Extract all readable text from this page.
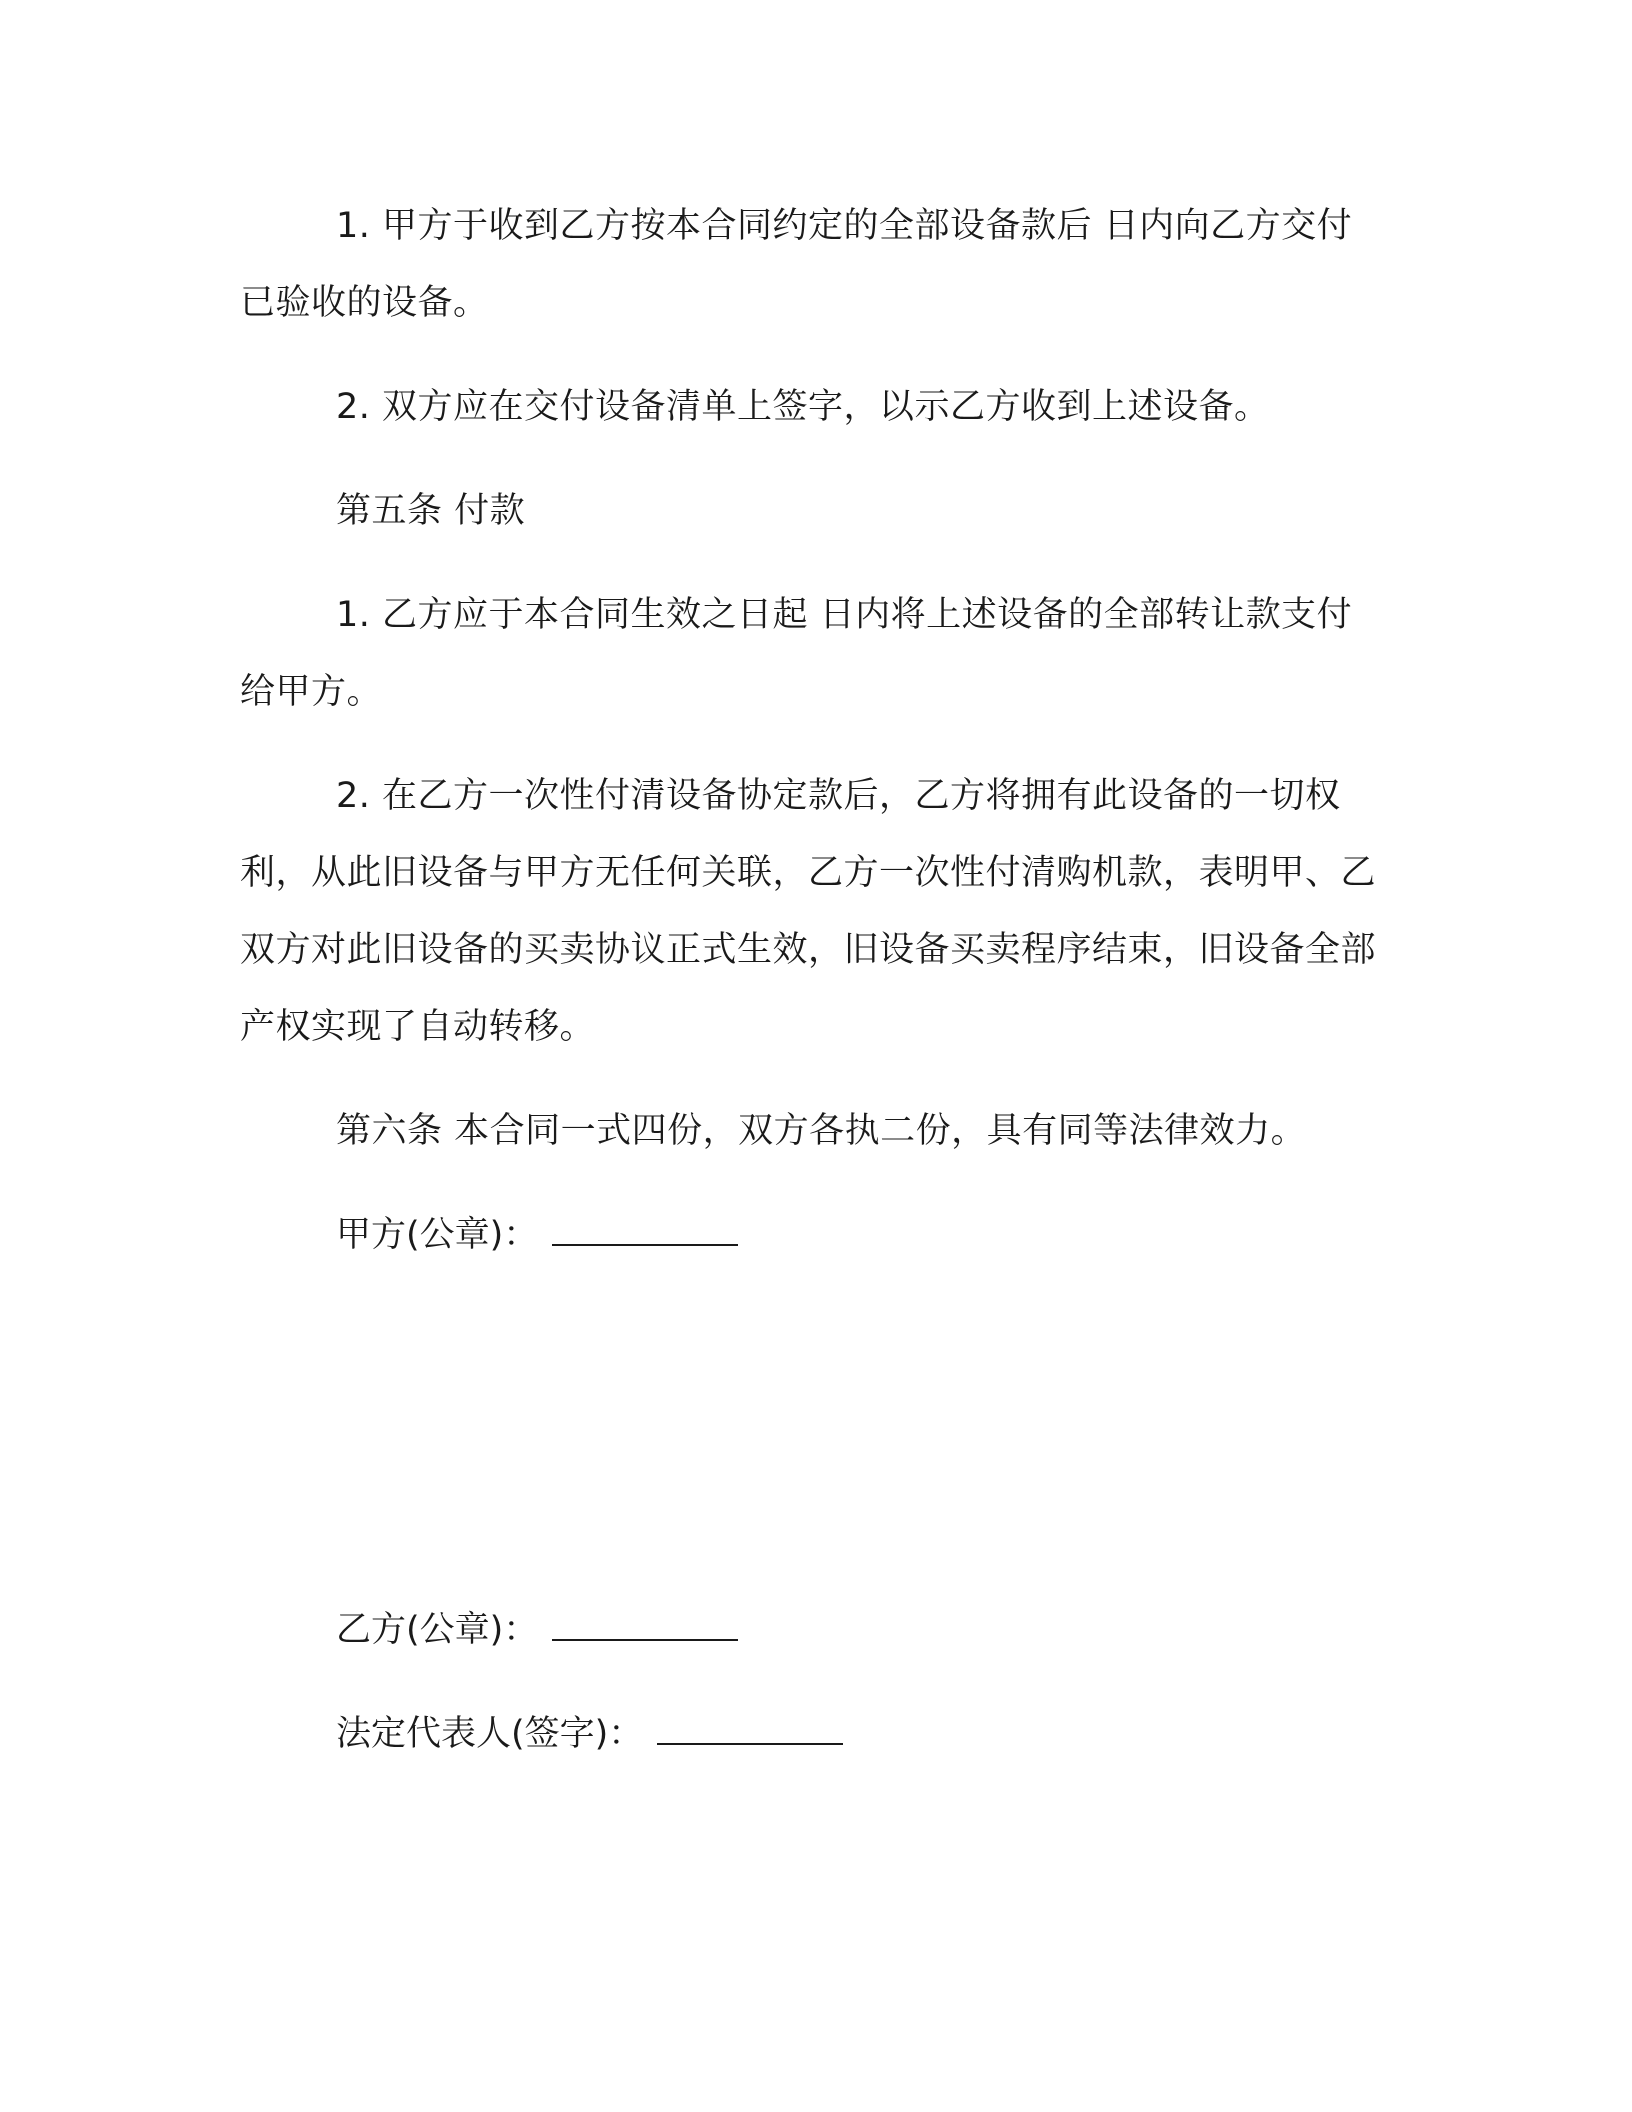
1. 甲方于收到乙方按本合同约定的全部设备款后 日内向乙方交付已验收的设备。

2. 双方应在交付设备清单上签字，以示乙方收到上述设备。

第五条 付款

1. 乙方应于本合同生效之日起 日内将上述设备的全部转让款支付给甲方。

2. 在乙方一次性付清设备协定款后，乙方将拥有此设备的一切权利，从此旧设备与甲方无任何关联，乙方一次性付清购机款，表明甲、乙双方对此旧设备的买卖协议正式生效，旧设备买卖程序结束，旧设备全部产权实现了自动转移。

第六条 本合同一式四份，双方各执二份，具有同等法律效力。

甲方(公章)：

乙方(公章)：

法定代表人(签字)：
